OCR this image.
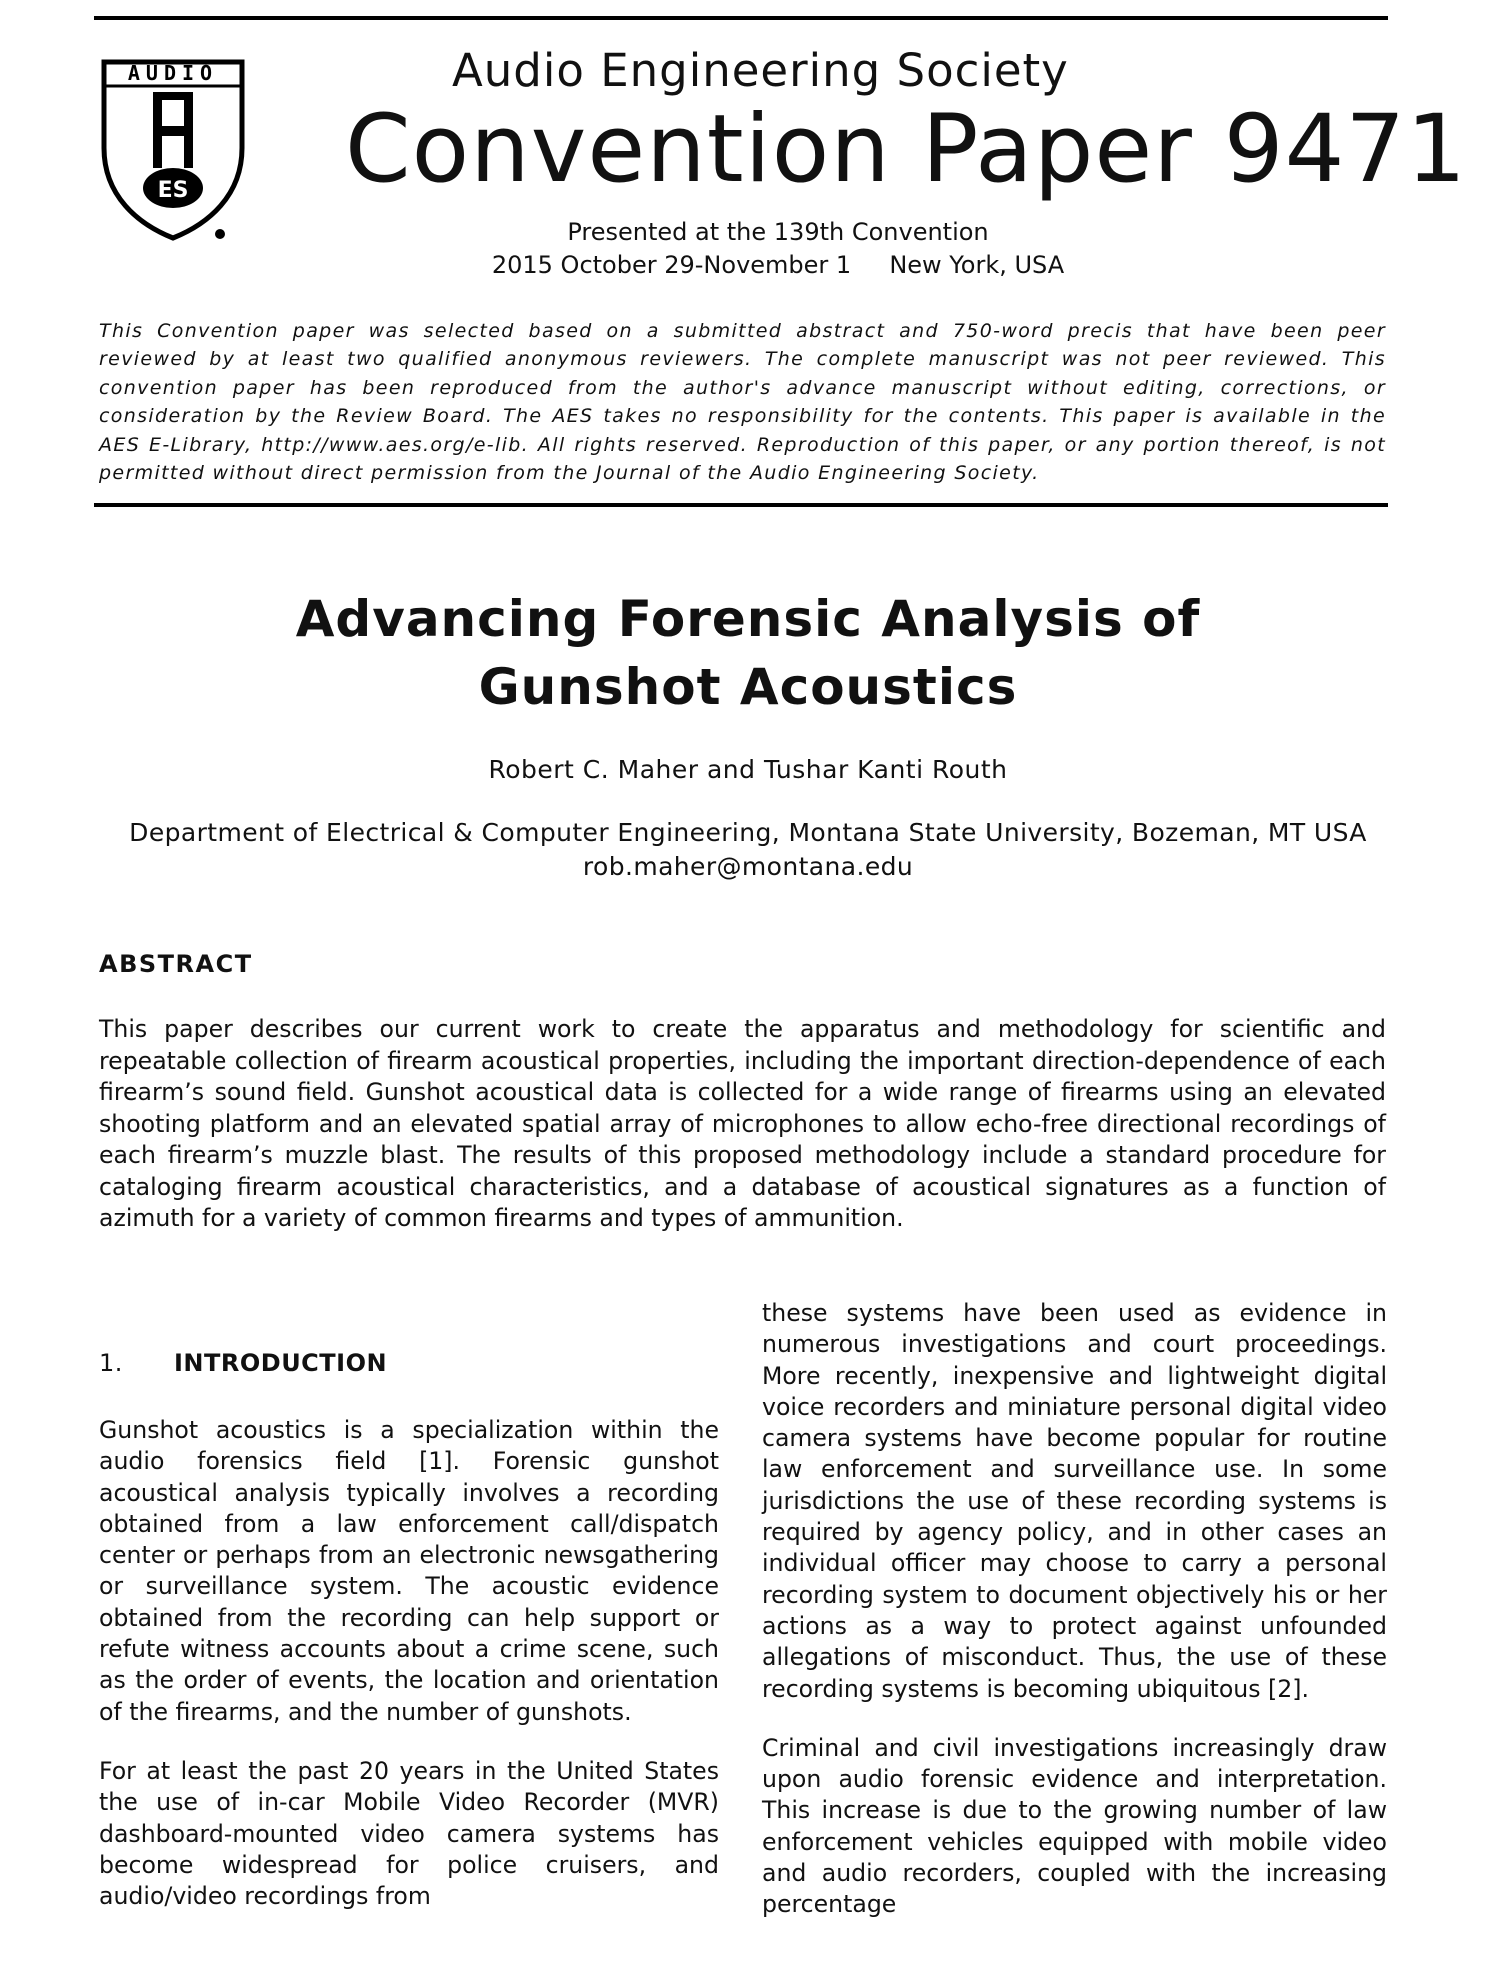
AUDIO
ES
Audio Engineering Society
Convention Paper 9471

Presented at the 139th Convention

2015 October 29-November 1     New York, USA

This Convention paper was selected based on a submitted abstract and 750-word precis that have been peer reviewed by at least two qualified anonymous reviewers. The complete manuscript was not peer reviewed. This convention paper has been reproduced from the author's advance manuscript without editing, corrections, or consideration by the Review Board. The AES takes no responsibility for the contents. This paper is available in the AES E-Library, http://www.aes.org/e-lib. All rights reserved. Reproduction of this paper, or any portion thereof, is not permitted without direct permission from the Journal of the Audio Engineering Society.

Advancing Forensic Analysis of
Gunshot Acoustics

Robert C. Maher and Tushar Kanti Routh

Department of Electrical & Computer Engineering, Montana State University, Bozeman, MT USA

rob.maher@montana.edu

ABSTRACT

This paper describes our current work to create the apparatus and methodology for scientific and repeatable collection of firearm acoustical properties, including the important direction-dependence of each firearm’s sound field. Gunshot acoustical data is collected for a wide range of firearms using an elevated shooting platform and an elevated spatial array of microphones to allow echo-free directional recordings of each firearm’s muzzle blast. The results of this proposed methodology include a standard procedure for cataloging firearm acoustical characteristics, and a database of acoustical signatures as a function of azimuth for a variety of common firearms and types of ammunition.

1. INTRODUCTION

Gunshot acoustics is a specialization within the audio forensics field [1]. Forensic gunshot acoustical analysis typically involves a recording obtained from a law enforcement call/dispatch center or perhaps from an electronic newsgathering or surveillance system. The acoustic evidence obtained from the recording can help support or refute witness accounts about a crime scene, such as the order of events, the location and orientation of the firearms, and the number of gunshots.

For at least the past 20 years in the United States the use of in-car Mobile Video Recorder (MVR) dashboard-mounted video camera systems has become widespread for police cruisers, and audio/video recordings from

these systems have been used as evidence in numerous investigations and court proceedings. More recently, inexpensive and lightweight digital voice recorders and miniature personal digital video camera systems have become popular for routine law enforcement and surveillance use. In some jurisdictions the use of these recording systems is required by agency policy, and in other cases an individual officer may choose to carry a personal recording system to document objectively his or her actions as a way to protect against unfounded allegations of misconduct. Thus, the use of these recording systems is becoming ubiquitous [2].

Criminal and civil investigations increasingly draw upon audio forensic evidence and interpretation. This increase is due to the growing number of law enforcement vehicles equipped with mobile video and audio recorders, coupled with the increasing percentage
